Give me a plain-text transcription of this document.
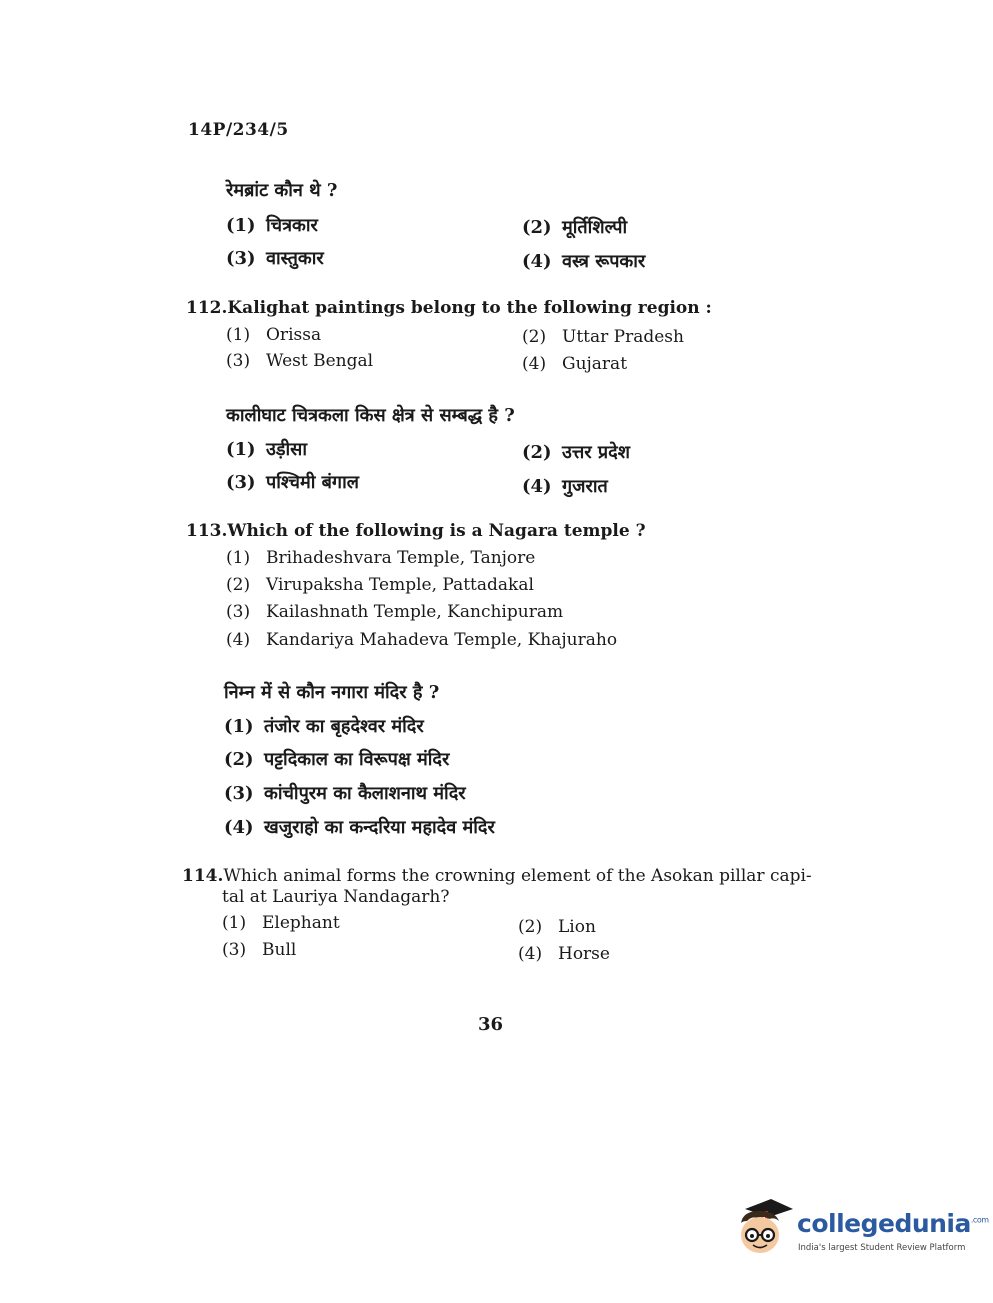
14P/234/5
रेमब्रांट कौन थे ?
(1) चित्रकार	(2) मूर्तिशिल्पी
(3) वास्तुकार	(4) वस्त्र रूपकार
112.Kalighat paintings belong to the following region :
(1) Orissa	(2) Uttar Pradesh
(3) West Bengal	(4) Gujarat
कालीघाट चित्रकला किस क्षेत्र से सम्बद्ध है ?
(1) उड़ीसा	(2) उत्तर प्रदेश
(3) पश्चिमी बंगाल	(4) गुजरात
113.Which of the following is a Nagara temple ?
(1) Brihadeshvara Temple, Tanjore
(2) Virupaksha Temple, Pattadakal
(3) Kailashnath Temple, Kanchipuram
(4) Kandariya Mahadeva Temple, Khajuraho
निम्न में से कौन नगारा मंदिर है ?
(1) तंजोर का बृहदेश्वर मंदिर
(2) पट्टदिकाल का विरूपक्ष मंदिर
(3) कांचीपुरम का कैलाशनाथ मंदिर
(4) खजुराहो का कन्दरिया महादेव मंदिर
114.Which animal forms the crowning element of the Asokan pillar capi-
tal at Lauriya Nandagarh?
(1) Elephant	(2) Lion
(3) Bull	(4) Horse
36
collegedunia$^{.com}$
India's largest Student Review Platform
